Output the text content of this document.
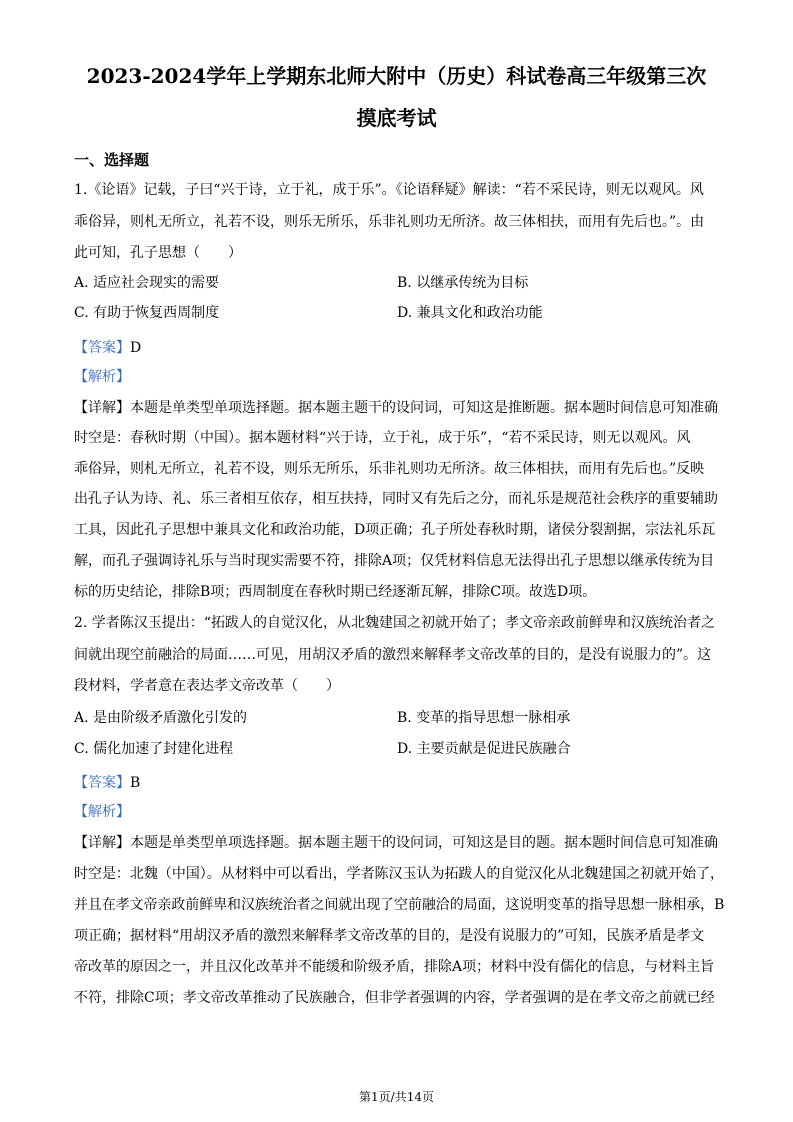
2023-2024学年上学期东北师大附中（历史）科试卷高三年级第三次
摸底考试
一、选择题
1.《论语》记载，子曰“兴于诗，立于礼，成于乐”。《论语释疑》解读：“若不采民诗，则无以观风。风
乖俗异，则札无所立，礼若不设，则乐无所乐，乐非礼则功无所济。故三体相扶，而用有先后也。”。由
此可知，孔子思想（　　）
A. 适应社会现实的需要	B. 以继承传统为目标
C. 有助于恢复西周制度	D. 兼具文化和政治功能
【答案】D
【解析】
【详解】本题是单类型单项选择题。据本题主题干的设问词，可知这是推断题。据本题时间信息可知准确
时空是：春秋时期（中国）。据本题材料“兴于诗，立于礼，成于乐”，“若不采民诗，则无以观风。风
乖俗异，则札无所立，礼若不设，则乐无所乐，乐非礼则功无所济。故三体相扶，而用有先后也。”反映
出孔子认为诗、礼、乐三者相互依存，相互扶持，同时又有先后之分，而礼乐是规范社会秩序的重要辅助
工具，因此孔子思想中兼具文化和政治功能，D项正确；孔子所处春秋时期，诸侯分裂割据，宗法礼乐瓦
解，而孔子强调诗礼乐与当时现实需要不符，排除A项；仅凭材料信息无法得出孔子思想以继承传统为目
标的历史结论，排除B项；西周制度在春秋时期已经逐渐瓦解，排除C项。故选D项。
2. 学者陈汉玉提出：“拓跋人的自觉汉化，从北魏建国之初就开始了；孝文帝亲政前鲜卑和汉族统治者之
间就出现空前融洽的局面……可见，用胡汉矛盾的激烈来解释孝文帝改革的目的，是没有说服力的”。这
段材料，学者意在表达孝文帝改革（　　）
A. 是由阶级矛盾激化引发的	B. 变革的指导思想一脉相承
C. 儒化加速了封建化进程	D. 主要贡献是促进民族融合
【答案】B
【解析】
【详解】本题是单类型单项选择题。据本题主题干的设问词，可知这是目的题。据本题时间信息可知准确
时空是：北魏（中国）。从材料中可以看出，学者陈汉玉认为拓跋人的自觉汉化从北魏建国之初就开始了，
并且在孝文帝亲政前鲜卑和汉族统治者之间就出现了空前融洽的局面，这说明变革的指导思想一脉相承，B
项正确；据材料“用胡汉矛盾的激烈来解释孝文帝改革的目的，是没有说服力的”可知，民族矛盾是孝文
帝改革的原因之一，并且汉化改革并不能缓和阶级矛盾，排除A项；材料中没有儒化的信息，与材料主旨
不符，排除C项；孝文帝改革推动了民族融合，但非学者强调的内容，学者强调的是在孝文帝之前就已经
第1页/共14页
